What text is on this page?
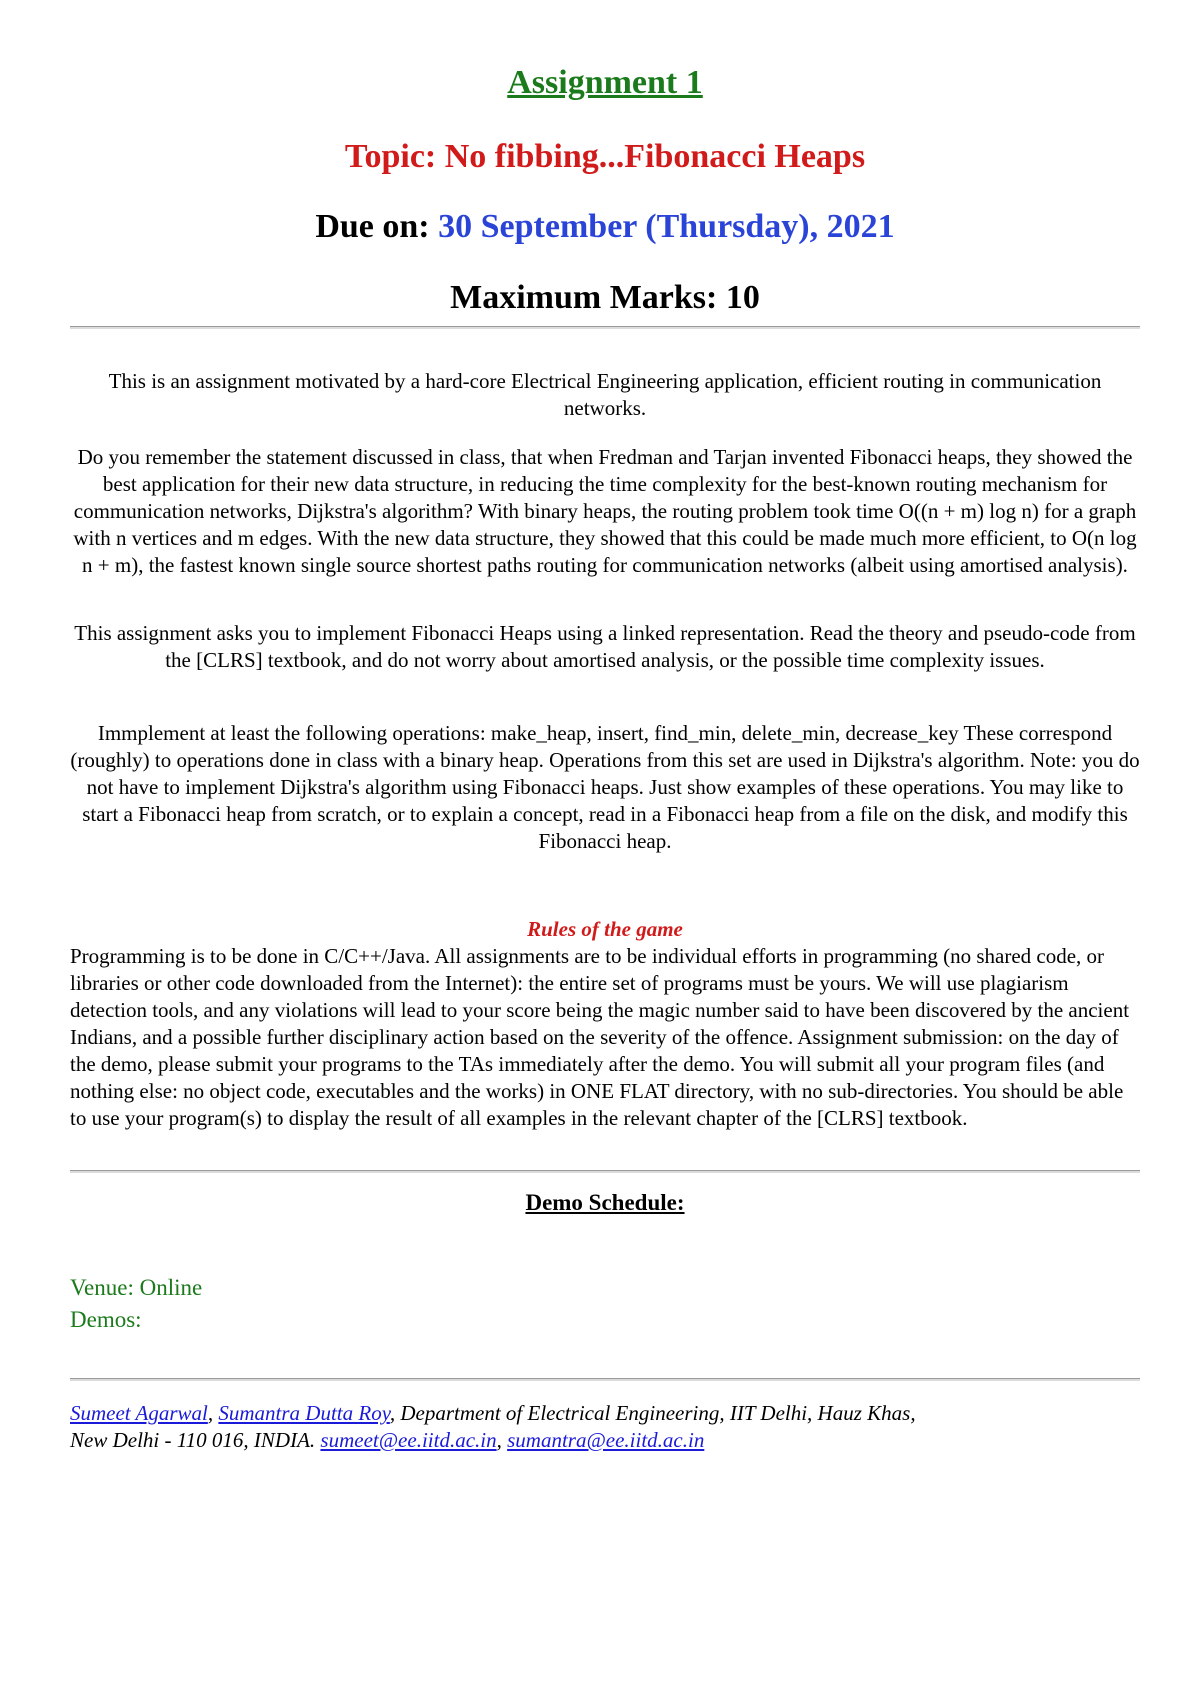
Assignment 1
Topic: No fibbing...Fibonacci Heaps
Due on: 30 September (Thursday), 2021
Maximum Marks: 10
This is an assignment motivated by a hard-core Electrical Engineering application, efficient routing in communication networks.
Do you remember the statement discussed in class, that when Fredman and Tarjan invented Fibonacci heaps, they showed the best application for their new data structure, in reducing the time complexity for the best-known routing mechanism for communication networks, Dijkstra's algorithm? With binary heaps, the routing problem took time O((n + m) log n) for a graph with n vertices and m edges. With the new data structure, they showed that this could be made much more efficient, to O(n log n + m), the fastest known single source shortest paths routing for communication networks (albeit using amortised analysis).
This assignment asks you to implement Fibonacci Heaps using a linked representation. Read the theory and pseudo-code from the [CLRS] textbook, and do not worry about amortised analysis, or the possible time complexity issues.
Immplement at least the following operations: make_heap, insert, find_min, delete_min, decrease_key These correspond (roughly) to operations done in class with a binary heap. Operations from this set are used in Dijkstra's algorithm. Note: you do not have to implement Dijkstra's algorithm using Fibonacci heaps. Just show examples of these operations. You may like to start a Fibonacci heap from scratch, or to explain a concept, read in a Fibonacci heap from a file on the disk, and modify this Fibonacci heap.
Rules of the game
Programming is to be done in C/C++/Java. All assignments are to be individual efforts in programming (no shared code, or libraries or other code downloaded from the Internet): the entire set of programs must be yours. We will use plagiarism detection tools, and any violations will lead to your score being the magic number said to have been discovered by the ancient Indians, and a possible further disciplinary action based on the severity of the offence. Assignment submission: on the day of the demo, please submit your programs to the TAs immediately after the demo. You will submit all your program files (and nothing else: no object code, executables and the works) in ONE FLAT directory, with no sub-directories. You should be able to use your program(s) to display the result of all examples in the relevant chapter of the [CLRS] textbook.
Demo Schedule:
Venue: Online
Demos:
Sumeet Agarwal, Sumantra Dutta Roy, Department of Electrical Engineering, IIT Delhi, Hauz Khas,
New Delhi - 110 016, INDIA. sumeet@ee.iitd.ac.in, sumantra@ee.iitd.ac.in
